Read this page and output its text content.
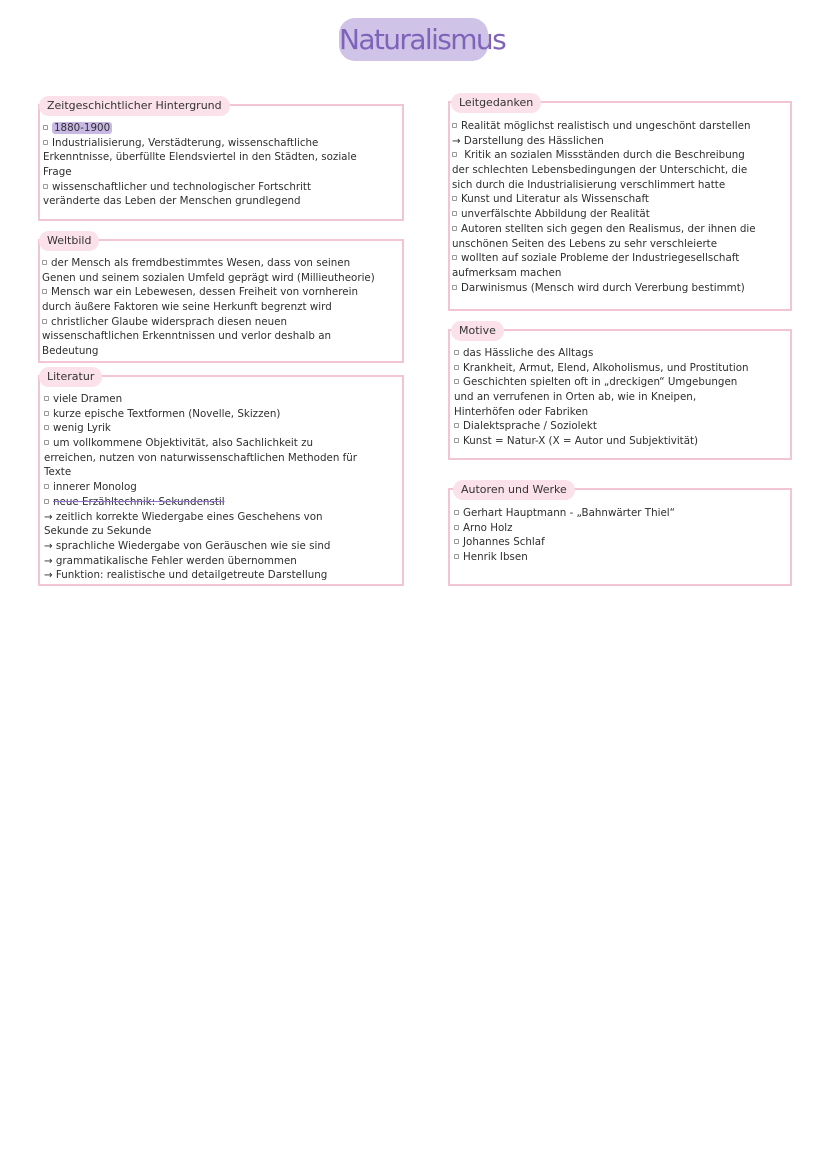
Naturalismus
Zeitgeschichtlicher Hintergrund
1880-1900
Industrialisierung, Verstädterung, wissenschaftliche
Erkenntnisse, überfüllte Elendsviertel in den Städten, soziale
Frage
wissenschaftlicher und technologischer Fortschritt
veränderte das Leben der Menschen grundlegend
Weltbild
der Mensch als fremdbestimmtes Wesen, dass von seinen
Genen und seinem sozialen Umfeld geprägt wird (Millieutheorie)
Mensch war ein Lebewesen, dessen Freiheit von vornherein
durch äußere Faktoren wie seine Herkunft begrenzt wird
christlicher Glaube widersprach diesen neuen
wissenschaftlichen Erkenntnissen und verlor deshalb an
Bedeutung
Literatur
viele Dramen
kurze epische Textformen (Novelle, Skizzen)
wenig Lyrik
um vollkommene Objektivität, also Sachlichkeit zu
erreichen, nutzen von naturwissenschaftlichen Methoden für
Texte
innerer Monolog
neue Erzähltechnik: Sekundenstil
→ zeitlich korrekte Wiedergabe eines Geschehens von
Sekunde zu Sekunde
→ sprachliche Wiedergabe von Geräuschen wie sie sind
→ grammatikalische Fehler werden übernommen
→ Funktion: realistische und detailgetreute Darstellung
Leitgedanken
Realität möglichst realistisch und ungeschönt darstellen
→ Darstellung des Hässlichen
Kritik an sozialen Missständen durch die Beschreibung
der schlechten Lebensbedingungen der Unterschicht, die
sich durch die Industrialisierung verschlimmert hatte
Kunst und Literatur als Wissenschaft
unverfälschte Abbildung der Realität
Autoren stellten sich gegen den Realismus, der ihnen die
unschönen Seiten des Lebens zu sehr verschleierte
wollten auf soziale Probleme der Industriegesellschaft
aufmerksam machen
Darwinismus (Mensch wird durch Vererbung bestimmt)
Motive
das Hässliche des Alltags
Krankheit, Armut, Elend, Alkoholismus, und Prostitution
Geschichten spielten oft in „dreckigen“ Umgebungen
und an verrufenen in Orten ab, wie in Kneipen,
Hinterhöfen oder Fabriken
Dialektsprache / Soziolekt
Kunst = Natur-X (X = Autor und Subjektivität)
Autoren und Werke
Gerhart Hauptmann - „Bahnwärter Thiel“
Arno Holz
Johannes Schlaf
Henrik Ibsen
